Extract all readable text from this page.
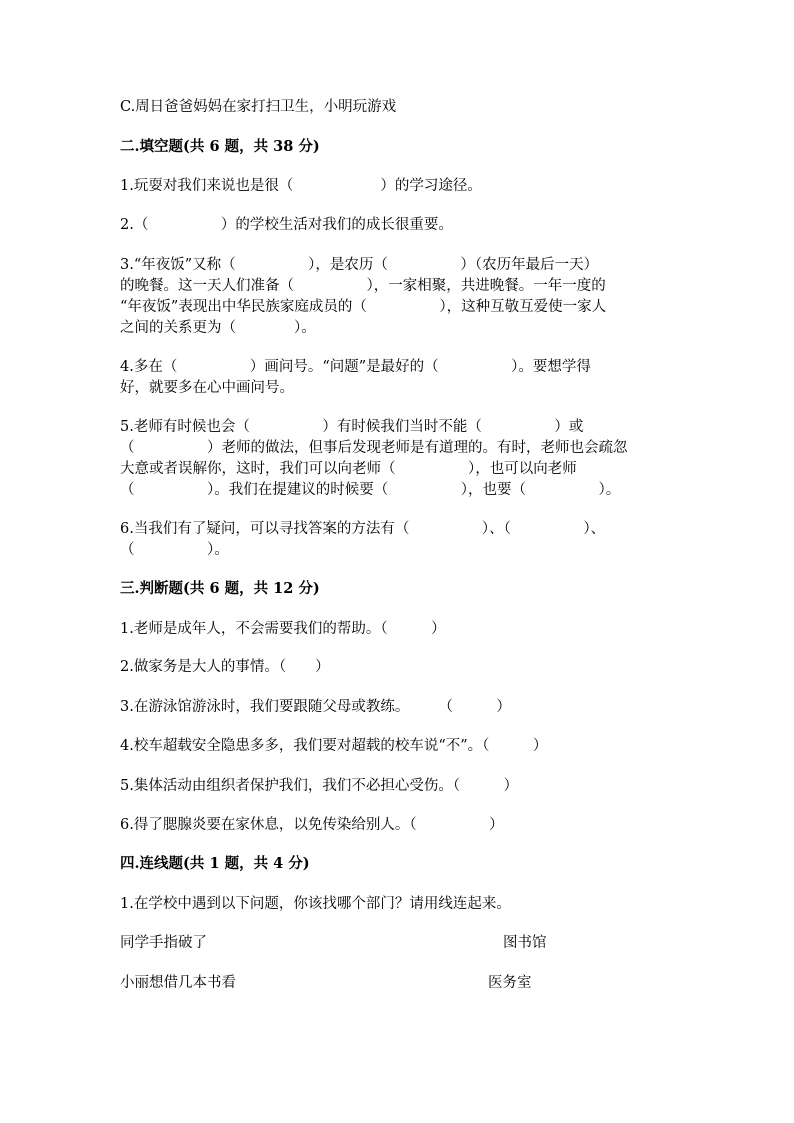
C.周日爸爸妈妈在家打扫卫生，小明玩游戏
二.填空题(共 6 题，共 38 分)
1.玩耍对我们来说也是很（　　　　　　）的学习途径。
2.（　　　　　）的学校生活对我们的成长很重要。
3.“年夜饭”又称（　　　　　），是农历（　　　　　）（农历年最后一天）
的晚餐。这一天人们准备（　　　　　），一家相聚，共进晚餐。一年一度的
“年夜饭”表现出中华民族家庭成员的（　　　　　），这种互敬互爱使一家人
之间的关系更为（　　　　）。
4.多在（　　　　　）画问号。“问题”是最好的（　　　　　）。要想学得
好，就要多在心中画问号。
5.老师有时候也会（　　　　　）有时候我们当时不能（　　　　　）或
（　　　　　）老师的做法，但事后发现老师是有道理的。有时，老师也会疏忽
大意或者误解你，这时，我们可以向老师（　　　　　），也可以向老师
（　　　　　）。我们在提建议的时候要（　　　　　），也要（　　　　　）。
6.当我们有了疑问，可以寻找答案的方法有（　　　　　）、（　　　　　）、
（　　　　　）。
三.判断题(共 6 题，共 12 分)
1.老师是成年人，不会需要我们的帮助。（　　　）
2.做家务是大人的事情。（　　）
3.在游泳馆游泳时，我们要跟随父母或教练。　　　（　　　）
4.校车超载安全隐患多多，我们要对超载的校车说“不”。（　　　）
5.集体活动由组织者保护我们，我们不必担心受伤。（　　　）
6.得了腮腺炎要在家休息，以免传染给别人。（　　　　　）
四.连线题(共 1 题，共 4 分)
1.在学校中遇到以下问题，你该找哪个部门？请用线连起来。
同学手指破了	图书馆
小丽想借几本书看	医务室
